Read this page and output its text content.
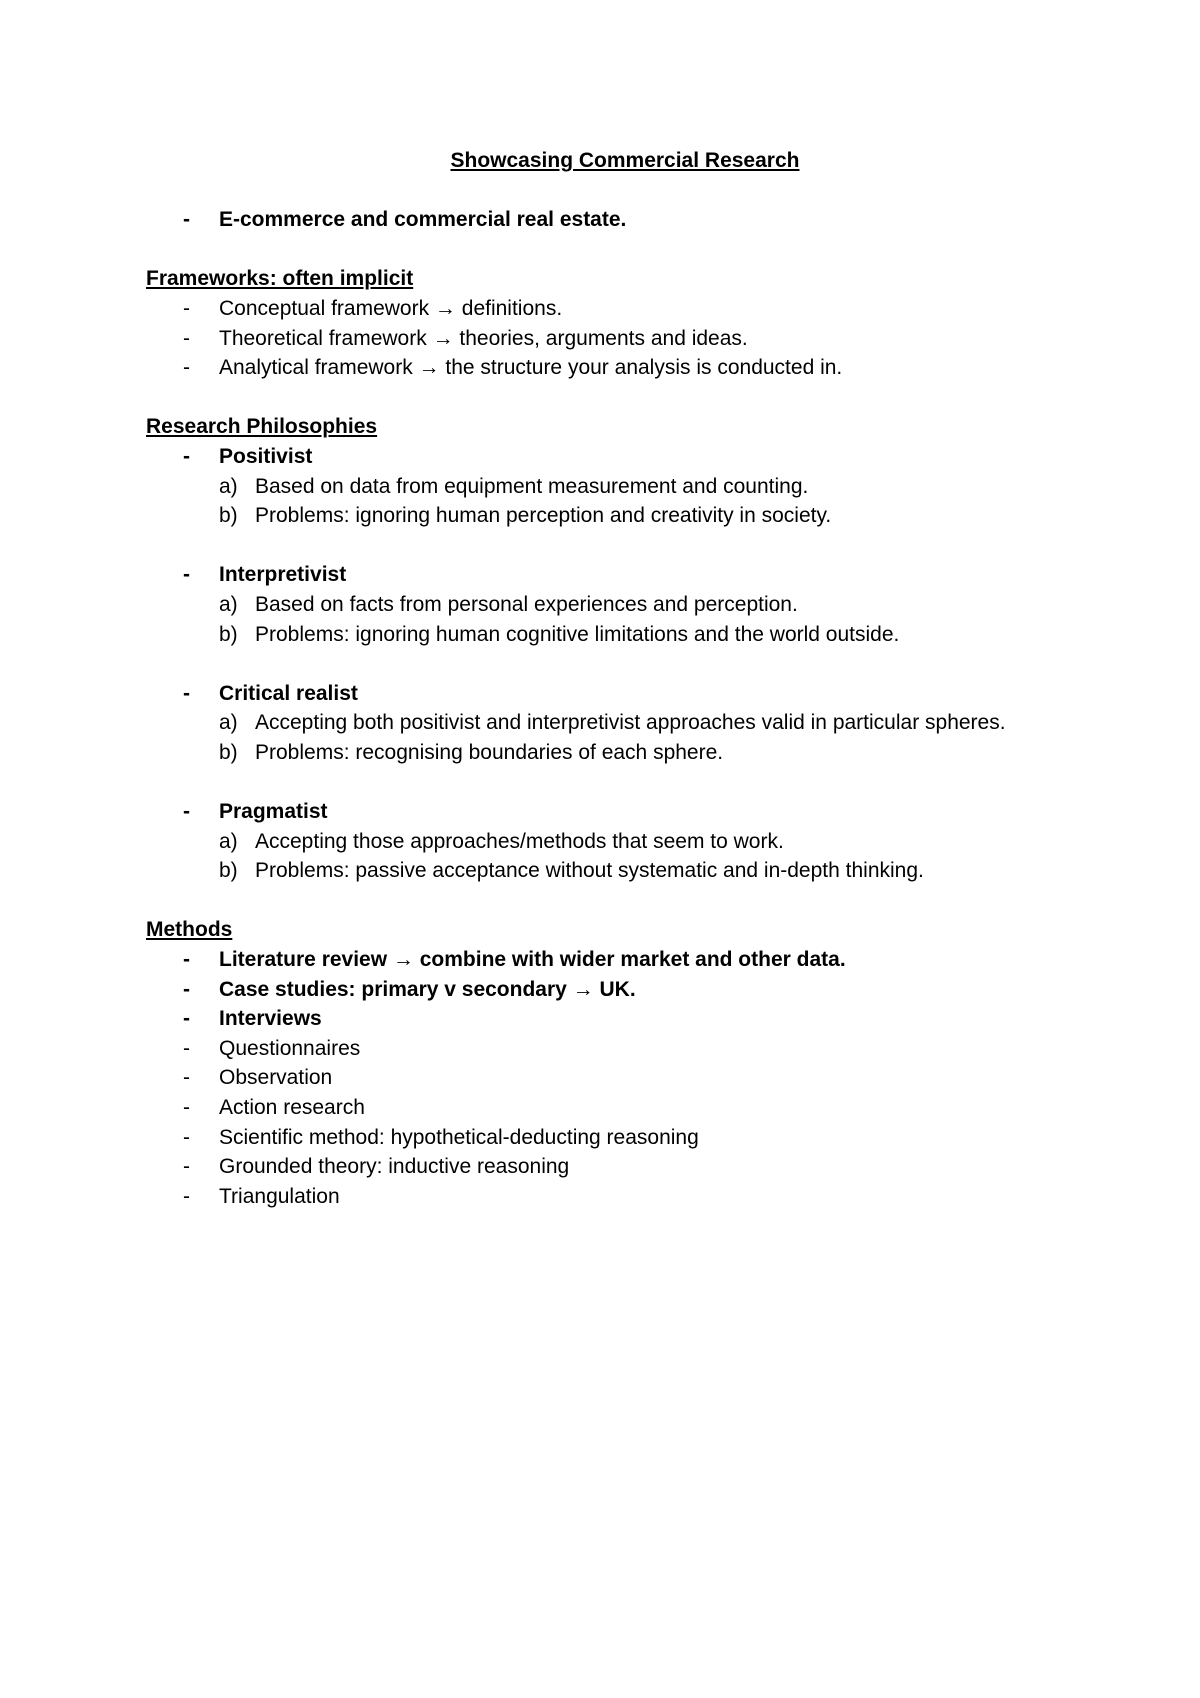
Showcasing Commercial Research
- E-commerce and commercial real estate.
Frameworks: often implicit
- Conceptual framework → definitions.
- Theoretical framework → theories, arguments and ideas.
- Analytical framework → the structure your analysis is conducted in.
Research Philosophies
- Positivist
a) Based on data from equipment measurement and counting.
b) Problems: ignoring human perception and creativity in society.
- Interpretivist
a) Based on facts from personal experiences and perception.
b) Problems: ignoring human cognitive limitations and the world outside.
- Critical realist
a) Accepting both positivist and interpretivist approaches valid in particular spheres.
b) Problems: recognising boundaries of each sphere.
- Pragmatist
a) Accepting those approaches/methods that seem to work.
b) Problems: passive acceptance without systematic and in-depth thinking.
Methods
- Literature review → combine with wider market and other data.
- Case studies: primary v secondary → UK.
- Interviews
- Questionnaires
- Observation
- Action research
- Scientific method: hypothetical-deducting reasoning
- Grounded theory: inductive reasoning
- Triangulation
